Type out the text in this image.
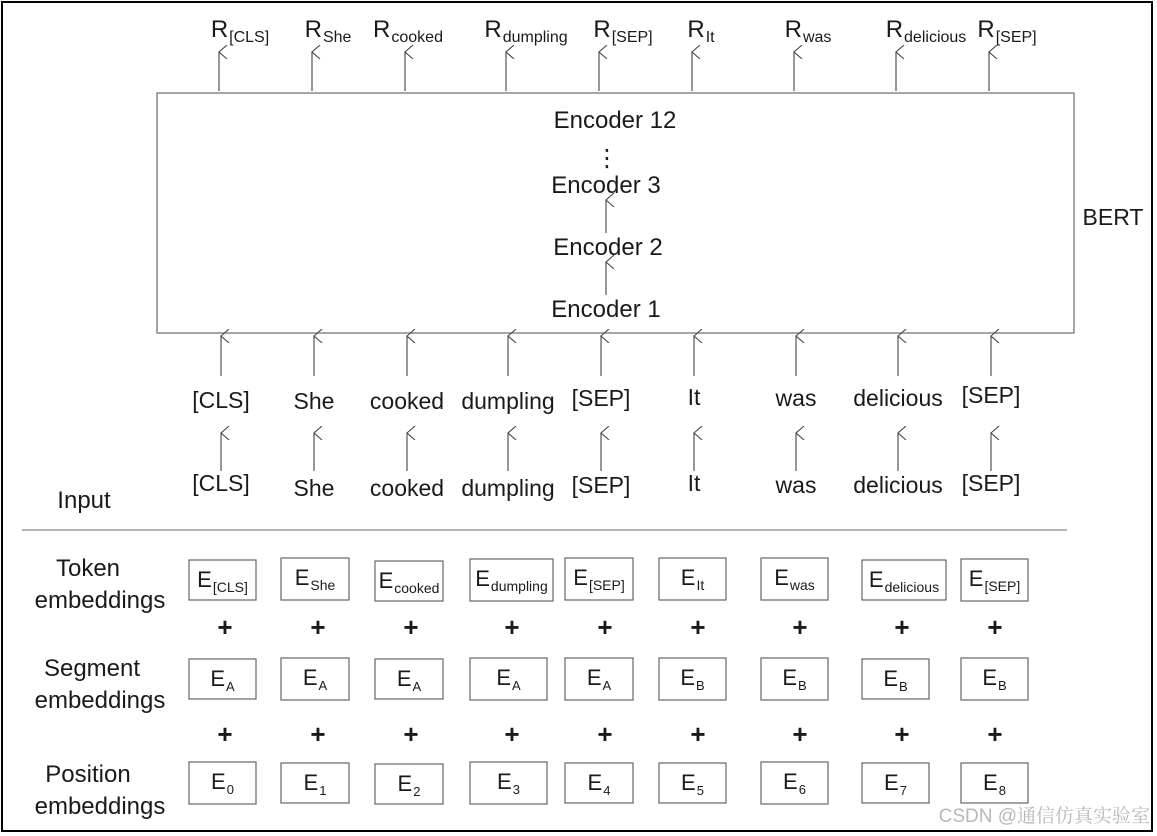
BERT
Encoder 12
⋮
Encoder 3
Encoder 2
Encoder 1
Input
Token
embeddings
Segment
embeddings
Position
embeddings
$R_{[CLS]}$
[CLS]
[CLS]
$E_{[CLS]}$
$E_A$
$E_0$
+
+
$R_{She}$
She
She
$E_{She}$
$E_A$
$E_1$
+
+
$R_{cooked}$
cooked
cooked
$E_{cooked}$
$E_A$
$E_2$
+
+
$R_{dumpling}$
dumpling
dumpling
$E_{dumpling}$
$E_A$
$E_3$
+
+
$R_{[SEP]}$
[SEP]
[SEP]
$E_{[SEP]}$
$E_A$
$E_4$
+
+
$R_{It}$
It
It
$E_{It}$
$E_B$
$E_5$
+
+
$R_{was}$
was
was
$E_{was}$
$E_B$
$E_6$
+
+
$R_{delicious}$
delicious
delicious
$E_{delicious}$
$E_B$
$E_7$
+
+
$R_{[SEP]}$
[SEP]
[SEP]
$E_{[SEP]}$
$E_B$
$E_8$
+
+
CSDN @通信仿真实验室
